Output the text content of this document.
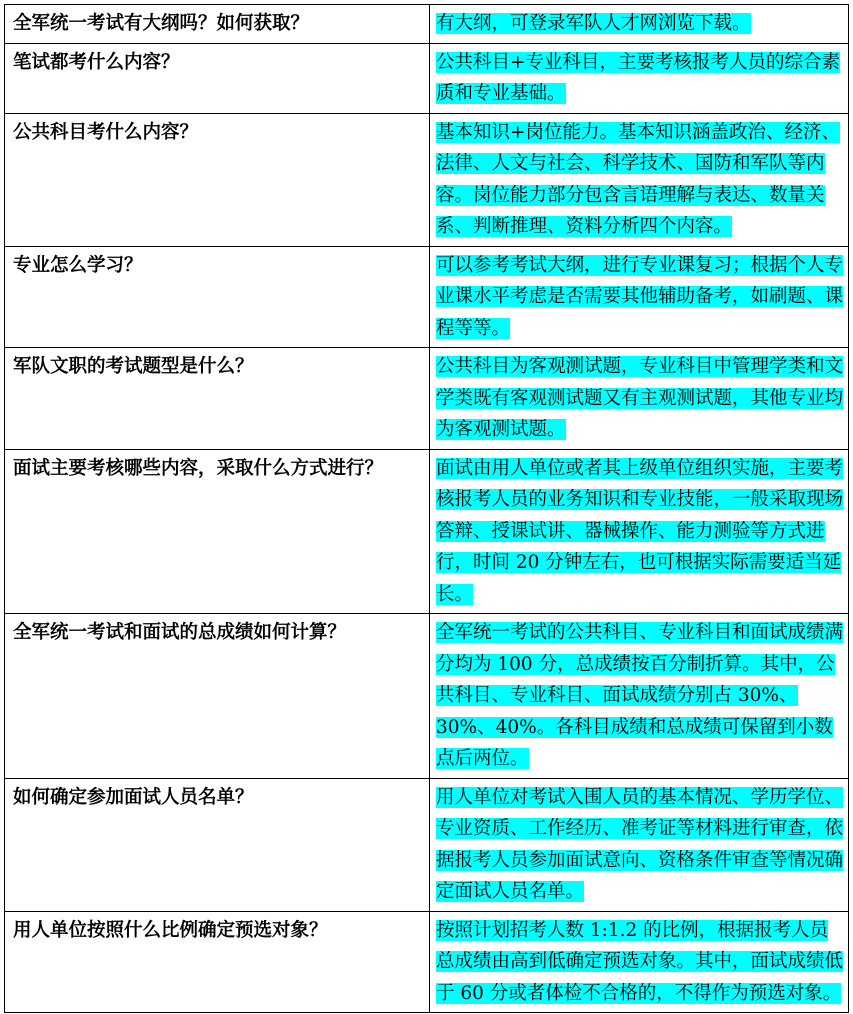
全军统一考试有大纲吗？如何获取？	有大纲，可登录军队人才网浏览下载。
笔试都考什么内容？	公共科目+专业科目，主要考核报考人员的综合素质和专业基础。
公共科目考什么内容？	基本知识+岗位能力。基本知识涵盖政治、经济、法律、人文与社会、科学技术、国防和军队等内容。岗位能力部分包含言语理解与表达、数量关系、判断推理、资料分析四个内容。
专业怎么学习？	可以参考考试大纲，进行专业课复习；根据个人专业课水平考虑是否需要其他辅助备考，如刷题、课程等等。
军队文职的考试题型是什么？	公共科目为客观测试题，专业科目中管理学类和文学类既有客观测试题又有主观测试题，其他专业均为客观测试题。
面试主要考核哪些内容，采取什么方式进行？	面试由用人单位或者其上级单位组织实施，主要考核报考人员的业务知识和专业技能，一般采取现场答辩、授课试讲、器械操作、能力测验等方式进行，时间 20 分钟左右，也可根据实际需要适当延长。
全军统一考试和面试的总成绩如何计算？	全军统一考试的公共科目、专业科目和面试成绩满分均为 100 分，总成绩按百分制折算。其中，公共科目、专业科目、面试成绩分别占 30%、30%、40%。各科目成绩和总成绩可保留到小数点后两位。
如何确定参加面试人员名单？	用人单位对考试入围人员的基本情况、学历学位、专业资质、工作经历、准考证等材料进行审查，依据报考人员参加面试意向、资格条件审查等情况确定面试人员名单。
用人单位按照什么比例确定预选对象？	按照计划招考人数 1:1.2 的比例，根据报考人员总成绩由高到低确定预选对象。其中，面试成绩低于 60 分或者体检不合格的，不得作为预选对象。
